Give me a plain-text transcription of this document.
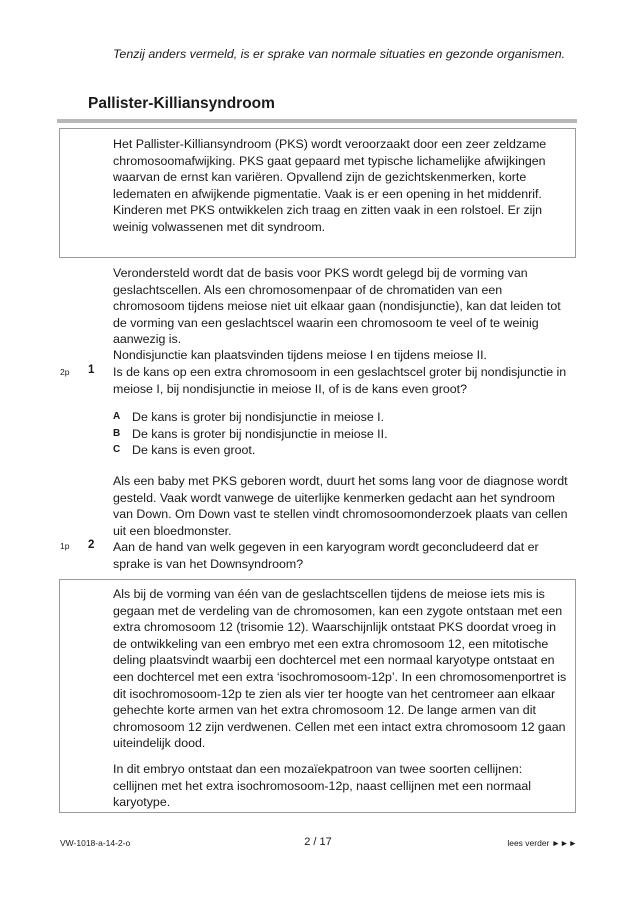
Tenzij anders vermeld, is er sprake van normale situaties en gezonde organismen.

Pallister-Killiansyndroom

Het Pallister-Killiansyndroom (PKS) wordt veroorzaakt door een zeer zeldzame chromosoomafwijking. PKS gaat gepaard met typische lichamelijke afwijkingen waarvan de ernst kan variëren. Opvallend zijn de gezichtskenmerken, korte ledematen en afwijkende pigmentatie. Vaak is er een opening in het middenrif. Kinderen met PKS ontwikkelen zich traag en zitten vaak in een rolstoel. Er zijn weinig volwassenen met dit syndroom.

Verondersteld wordt dat de basis voor PKS wordt gelegd bij de vorming van geslachtscellen. Als een chromosomenpaar of de chromatiden van een chromosoom tijdens meiose niet uit elkaar gaan (nondisjunctie), kan dat leiden tot de vorming van een geslachtscel waarin een chromosoom te veel of te weinig aanwezig is.

Nondisjunctie kan plaatsvinden tijdens meiose I en tijdens meiose II.

2p 1 Is de kans op een extra chromosoom in een geslachtscel groter bij nondisjunctie in meiose I, bij nondisjunctie in meiose II, of is de kans even groot?

A De kans is groter bij nondisjunctie in meiose I.
B De kans is groter bij nondisjunctie in meiose II.
C De kans is even groot.

Als een baby met PKS geboren wordt, duurt het soms lang voor de diagnose wordt gesteld. Vaak wordt vanwege de uiterlijke kenmerken gedacht aan het syndroom van Down. Om Down vast te stellen vindt chromosoomonderzoek plaats van cellen uit een bloedmonster.

1p 2 Aan de hand van welk gegeven in een karyogram wordt geconcludeerd dat er sprake is van het Downsyndroom?

Als bij de vorming van één van de geslachtscellen tijdens de meiose iets mis is gegaan met de verdeling van de chromosomen, kan een zygote ontstaan met een extra chromosoom 12 (trisomie 12). Waarschijnlijk ontstaat PKS doordat vroeg in de ontwikkeling van een embryo met een extra chromosoom 12, een mitotische deling plaatsvindt waarbij een dochtercel met een normaal karyotype ontstaat en een dochtercel met een extra ‘isochromosoom-12p’. In een chromosomenportret is dit isochromosoom-12p te zien als vier ter hoogte van het centromeer aan elkaar gehechte korte armen van het extra chromosoom 12. De lange armen van dit chromosoom 12 zijn verdwenen. Cellen met een intact extra chromosoom 12 gaan uiteindelijk dood.

In dit embryo ontstaat dan een mozaïekpatroon van twee soorten cellijnen: cellijnen met het extra isochromosoom-12p, naast cellijnen met een normaal karyotype.

VW-1018-a-14-2-o	2 / 17	lees verder ►►►
